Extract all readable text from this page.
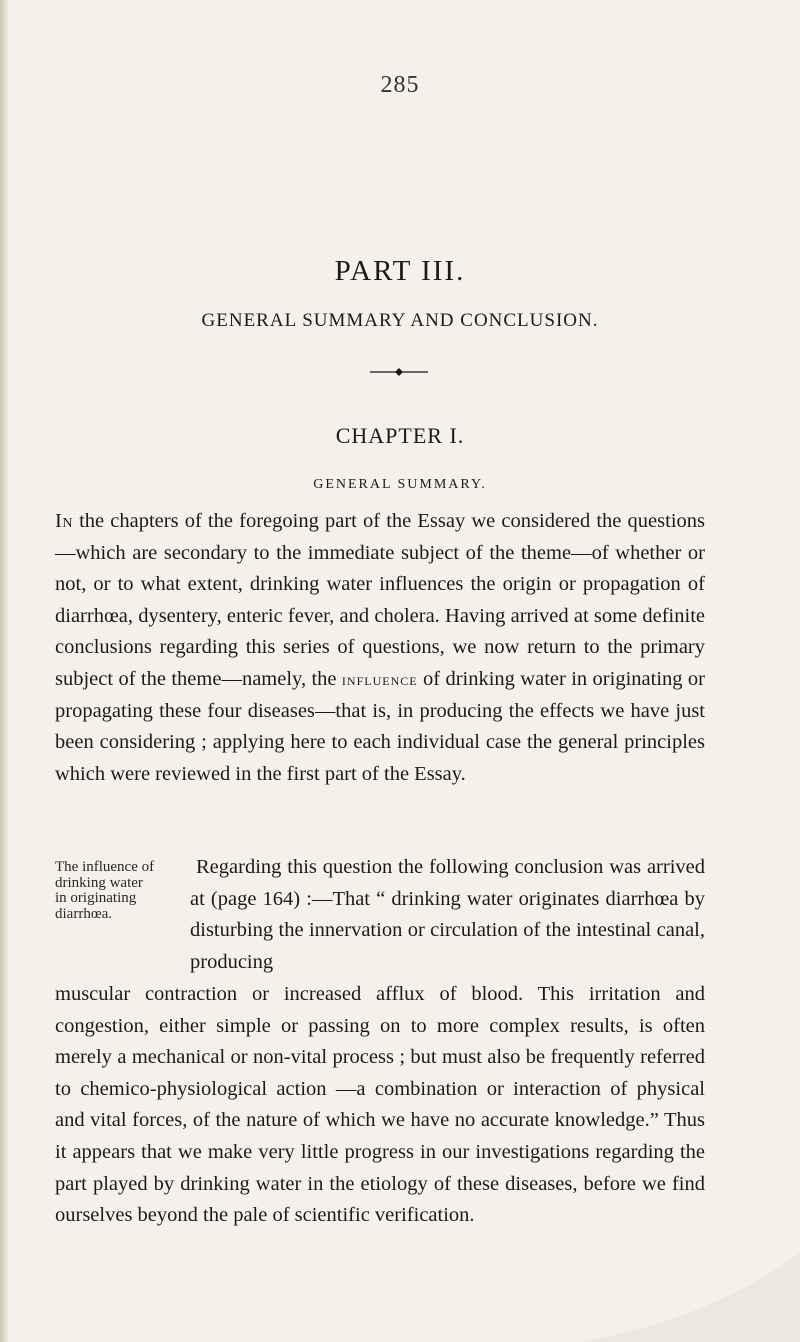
285
PART III.
GENERAL SUMMARY AND CONCLUSION.
CHAPTER I.
GENERAL SUMMARY.

In the chapters of the foregoing part of the Essay we considered the questions—which are secondary to the immediate subject of the theme—of whether or not, or to what extent, drinking water influences the origin or propagation of diarrhœa, dysentery, enteric fever, and cholera. Having arrived at some definite conclusions regarding this series of questions, we now return to the primary subject of the theme—namely, the influence of drinking water in originating or propagating these four diseases—that is, in producing the effects we have just been considering ; applying here to each individual case the general principles which were reviewed in the first part of the Essay.

The influence of drinking water in originating diarrhœa.

Regarding this question the following conclusion was arrived at (page 164) :—That “ drinking water originates diarrhœa by disturbing the innervation or circulation of the intestinal canal, producing

muscular contraction or increased afflux of blood. This irritation and congestion, either simple or passing on to more complex results, is often merely a mechanical or non-vital process ; but must also be frequently referred to chemico-physiological action —a combination or interaction of physical and vital forces, of the nature of which we have no accurate knowledge.” Thus it appears that we make very little progress in our investigations regarding the part played by drinking water in the etiology of these diseases, before we find ourselves beyond the pale of scientific verification.
